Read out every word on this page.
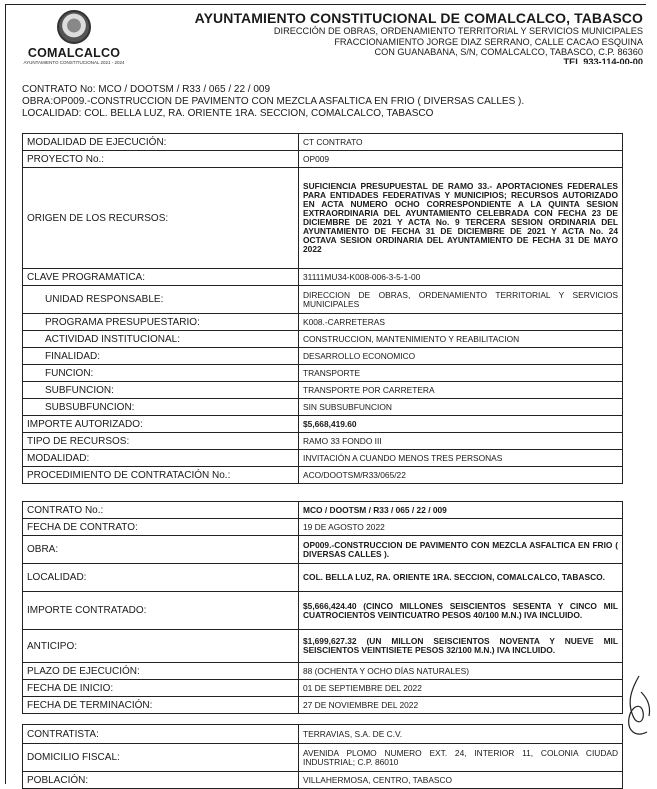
COMALCALCO
AYUNTAMIENTO CONSTITUCIONAL 2021 - 2024
AYUNTAMIENTO CONSTITUCIONAL DE COMALCALCO, TABASCO
DIRECCIÓN DE OBRAS, ORDENAMIENTO TERRITORIAL Y SERVICIOS MUNICIPALES
FRACCIONAMIENTO JORGE DIAZ SERRANO, CALLE CACAO ESQUINA
CON GUANABANA, S/N, COMALCALCO, TABASCO, C.P. 86360
TEL 933-114-00-00
CONTRATO No: MCO / DOOTSM / R33 / 065 / 22 / 009
OBRA:OP009.-CONSTRUCCION DE PAVIMENTO CON MEZCLA ASFALTICA EN FRIO ( DIVERSAS CALLES ).
LOCALIDAD: COL. BELLA LUZ, RA. ORIENTE 1RA. SECCION, COMALCALCO, TABASCO
MODALIDAD DE EJECUCIÓN:	CT CONTRATO
PROYECTO No.:	OP009
ORIGEN DE LOS RECURSOS:	SUFICIENCIA PRESUPUESTAL DE RAMO 33.- APORTACIONES FEDERALES PARA ENTIDADES FEDERATIVAS Y MUNICIPIOS; RECURSOS AUTORIZADO EN ACTA NUMERO OCHO CORRESPONDIENTE A LA QUINTA SESION EXTRAORDINARIA DEL AYUNTAMIENTO CELEBRADA CON FECHA 23 DE DICIEMBRE DE 2021 Y ACTA No. 9 TERCERA SESION ORDINARIA DEL AYUNTAMIENTO DE FECHA 31 DE DICIEMBRE DE 2021 Y ACTA No. 24 OCTAVA SESION ORDINARIA DEL AYUNTAMIENTO DE FECHA 31 DE MAYO 2022
CLAVE PROGRAMATICA:	31111MU34-K008-006-3-5-1-00
UNIDAD RESPONSABLE:	DIRECCION DE OBRAS, ORDENAMIENTO TERRITORIAL Y SERVICIOS MUNICIPALES
PROGRAMA PRESUPUESTARIO:	K008.-CARRETERAS
ACTIVIDAD INSTITUCIONAL:	CONSTRUCCION, MANTENIMIENTO Y REABILITACION
FINALIDAD:	DESARROLLO ECONOMICO
FUNCION:	TRANSPORTE
SUBFUNCION:	TRANSPORTE POR CARRETERA
SUBSUBFUNCION:	SIN SUBSUBFUNCION
IMPORTE AUTORIZADO:	$5,668,419.60
TIPO DE RECURSOS:	RAMO 33 FONDO III
MODALIDAD:	INVITACIÓN A CUANDO MENOS TRES PERSONAS
PROCEDIMIENTO DE CONTRATACIÓN No.:	ACO/DOOTSM/R33/065/22
CONTRATO No.:	MCO / DOOTSM / R33 / 065 / 22 / 009
FECHA DE CONTRATO:	19 DE AGOSTO 2022
OBRA:	OP009.-CONSTRUCCION DE PAVIMENTO CON MEZCLA ASFALTICA EN FRIO ( DIVERSAS CALLES ).
LOCALIDAD:	COL. BELLA LUZ, RA. ORIENTE 1RA. SECCION, COMALCALCO, TABASCO.
IMPORTE CONTRATADO:	$5,666,424.40 (CINCO MILLONES SEISCIENTOS SESENTA Y CINCO MIL CUATROCIENTOS VEINTICUATRO PESOS 40/100 M.N.) IVA INCLUIDO.
ANTICIPO:	$1,699,627.32 (UN MILLON SEISCIENTOS NOVENTA Y NUEVE MIL SEISCIENTOS VEINTISIETE PESOS 32/100 M.N.) IVA INCLUIDO.
PLAZO DE EJECUCIÓN:	88 (OCHENTA Y OCHO DÍAS NATURALES)
FECHA DE INICIO:	01 DE SEPTIEMBRE DEL 2022
FECHA DE TERMINACIÓN:	27 DE NOVIEMBRE DEL 2022
CONTRATISTA:	TERRAVIAS, S.A. DE C.V.
DOMICILIO FISCAL:	AVENIDA PLOMO NUMERO EXT. 24, INTERIOR 11, COLONIA CIUDAD INDUSTRIAL; C.P. 86010
POBLACIÓN:	VILLAHERMOSA, CENTRO, TABASCO
